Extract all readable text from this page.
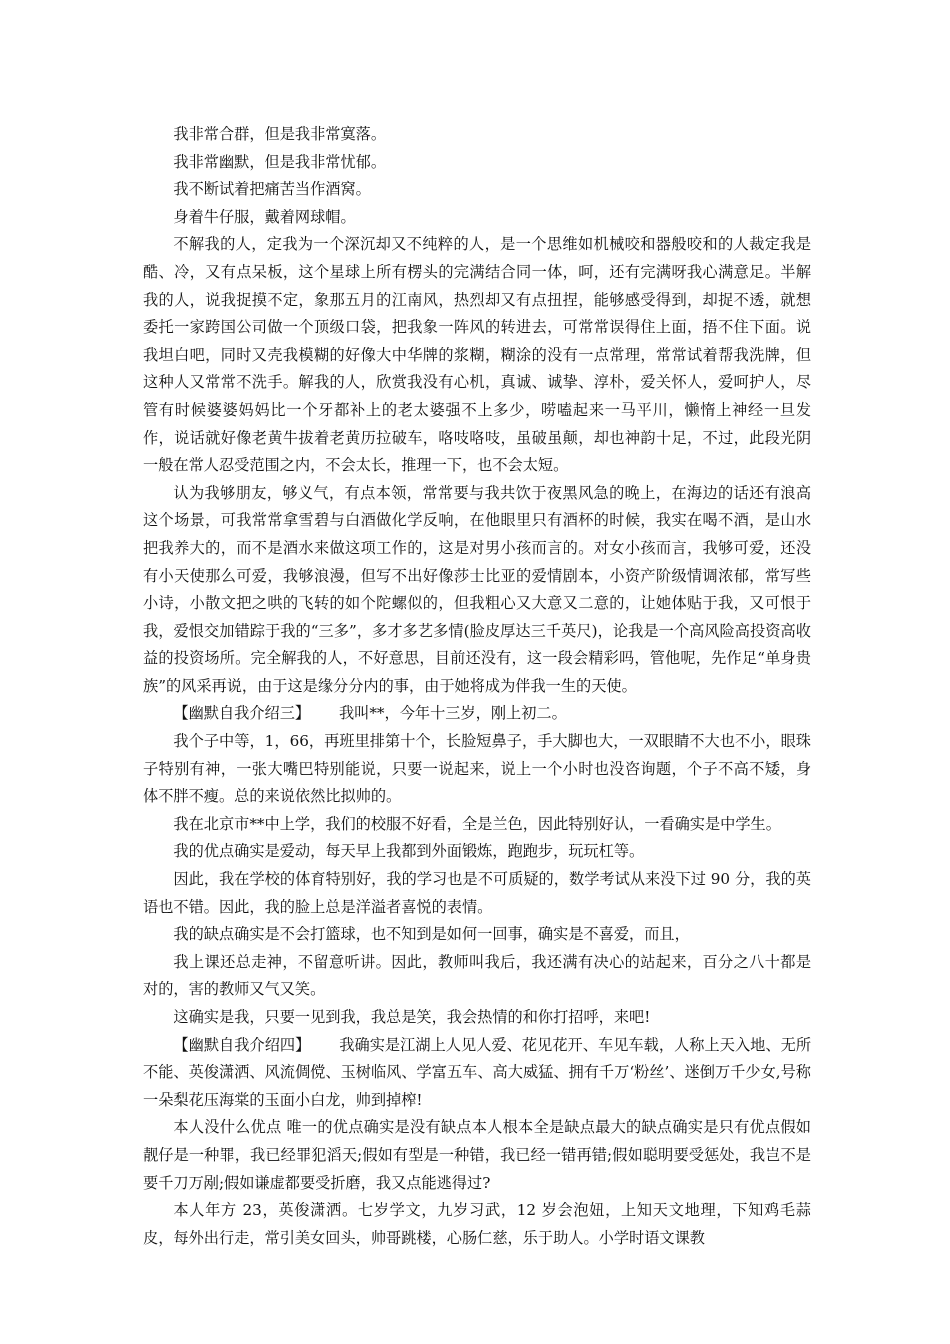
我非常合群，但是我非常寞落。

我非常幽默，但是我非常忧郁。

我不断试着把痛苦当作酒窝。

身着牛仔服，戴着网球帽。

不解我的人，定我为一个深沉却又不纯粹的人，是一个思维如机械咬和器般咬和的人裁定我是酷、冷，又有点呆板，这个星球上所有楞头的完满结合同一体，呵，还有完满呀我心满意足。半解我的人，说我捉摸不定，象那五月的江南风，热烈却又有点扭捏，能够感受得到，却捉不透，就想委托一家跨国公司做一个顶级口袋，把我象一阵风的转进去，可常常误得住上面，捂不住下面。说我坦白吧，同时又壳我模糊的好像大中华牌的浆糊，糊涂的没有一点常理，常常试着帮我洗牌，但这种人又常常不洗手。解我的人，欣赏我没有心机，真诚、诚挚、淳朴，爱关怀人，爱呵护人，尽管有时候婆婆妈妈比一个牙都补上的老太婆强不上多少，唠嗑起来一马平川，懒惰上神经一旦发作，说话就好像老黄牛拔着老黄历拉破车，咯吱咯吱，虽破虽颠，却也神韵十足，不过，此段光阴一般在常人忍受范围之内，不会太长，推理一下，也不会太短。

认为我够朋友，够义气，有点本领，常常要与我共饮于夜黑风急的晚上，在海边的话还有浪高这个场景，可我常常拿雪碧与白酒做化学反响，在他眼里只有酒杯的时候，我实在喝不酒，是山水把我养大的，而不是酒水来做这项工作的，这是对男小孩而言的。对女小孩而言，我够可爱，还没有小天使那么可爱，我够浪漫，但写不出好像莎士比亚的爱情剧本，小资产阶级情调浓郁，常写些小诗，小散文把之哄的飞转的如个陀螺似的，但我粗心又大意又二意的，让她体贴于我，又可恨于我，爱恨交加错踪于我的“三多”，多才多艺多情(脸皮厚达三千英尺)，论我是一个高风险高投资高收益的投资场所。完全解我的人，不好意思，目前还没有，这一段会精彩吗，管他呢，先作足“单身贵族”的风采再说，由于这是缘分分内的事，由于她将成为伴我一生的天使。

【幽默自我介绍三】 我叫**，今年十三岁，刚上初二。

我个子中等，1，66，再班里排第十个，长脸短鼻子，手大脚也大，一双眼睛不大也不小，眼珠子特别有神，一张大嘴巴特别能说，只要一说起来，说上一个小时也没咨询题，个子不高不矮，身体不胖不瘦。总的来说依然比拟帅的。

我在北京市**中上学，我们的校服不好看，全是兰色，因此特别好认，一看确实是中学生。

我的优点确实是爱动，每天早上我都到外面锻炼，跑跑步，玩玩杠等。

因此，我在学校的体育特别好，我的学习也是不可质疑的，数学考试从来没下过 90 分，我的英语也不错。因此，我的脸上总是洋溢者喜悦的表情。

我的缺点确实是不会打篮球，也不知到是如何一回事，确实是不喜爱，而且，

我上课还总走神，不留意听讲。因此，教师叫我后，我还满有决心的站起来，百分之八十都是对的，害的教师又气又笑。

这确实是我，只要一见到我，我总是笑，我会热情的和你打招呼，来吧!

【幽默自我介绍四】 我确实是江湖上人见人爱、花见花开、车见车载，人称上天入地、无所不能、英俊潇洒、风流倜傥、玉树临风、学富五车、高大威猛、拥有千万‘粉丝’、迷倒万千少女,号称一朵梨花压海棠的玉面小白龙，帅到掉榨!

本人没什么优点 唯一的优点确实是没有缺点本人根本全是缺点最大的缺点确实是只有优点假如靓仔是一种罪，我已经罪犯滔天;假如有型是一种错，我已经一错再错;假如聪明要受惩处，我岂不是要千刀万剐;假如谦虚都要受折磨，我又点能逃得过?

本人年方 23，英俊潇洒。七岁学文，九岁习武，12 岁会泡妞，上知天文地理，下知鸡毛蒜皮，每外出行走，常引美女回头，帅哥跳楼，心肠仁慈，乐于助人。小学时语文课教
